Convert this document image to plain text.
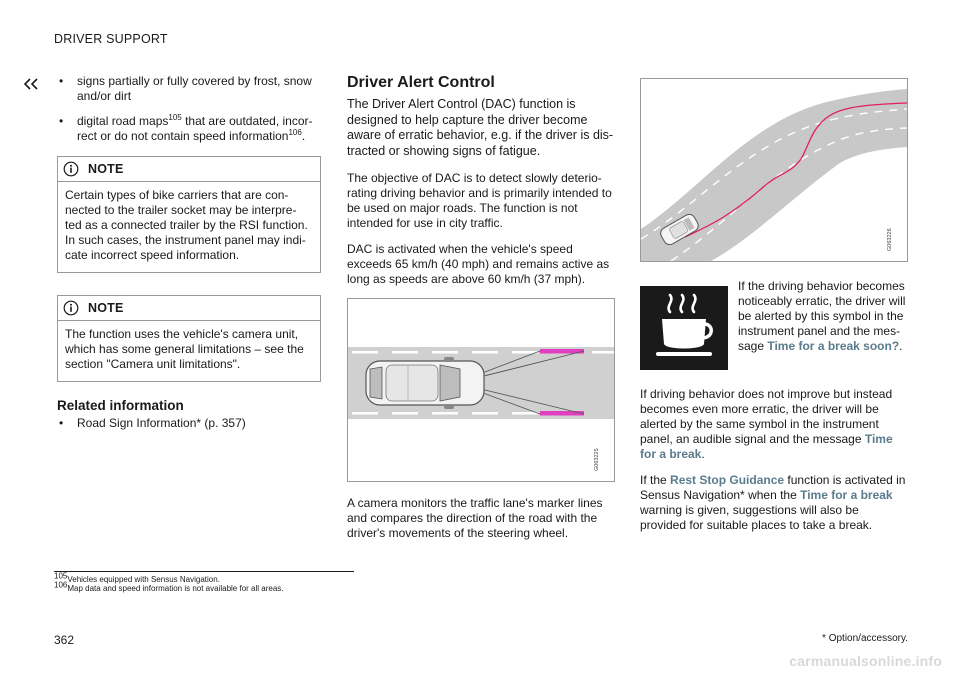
DRIVER SUPPORT
• signs partially or fully covered by frost, snow and/or dirt
• digital road maps$^{105}$ that are outdated, incor- rect or do not contain speed information$^{106}$.
NOTE
Certain types of bike carriers that are con- nected to the trailer socket may be interpre- ted as a connected trailer by the RSI function. In such cases, the instrument panel may indi- cate incorrect speed information.
NOTE
The function uses the vehicle's camera unit, which has some general limitations – see the section "Camera unit limitations".
Related information
• Road Sign Information* (p. 357)
Driver Alert Control
The Driver Alert Control (DAC) function is designed to help capture the driver become aware of erratic behavior, e.g. if the driver is dis- tracted or showing signs of fatigue.

The objective of DAC is to detect slowly deterio- rating driving behavior and is primarily intended to be used on major roads. The function is not intended for use in city traffic.

DAC is activated when the vehicle's speed exceeds 65 km/h (40 mph) and remains active as long as speeds are above 60 km/h (37 mph).

G063225

A camera monitors the traffic lane's marker lines and compares the direction of the road with the driver's movements of the steering wheel.

G063226
If the driving behavior becomes noticeably erratic, the driver will be alerted by this symbol in the instrument panel and the mes- sage Time for a break soon?.

If driving behavior does not improve but instead becomes even more erratic, the driver will be alerted by the same symbol in the instrument panel, an audible signal and the message Time for a break.

If the Rest Stop Guidance function is activated in Sensus Navigation* when the Time for a break warning is given, suggestions will also be provided for suitable places to take a break.

$^{105}$Vehicles equipped with Sensus Navigation.
$^{106}$Map data and speed information is not available for all areas.
362	* Option/accessory.
carmanualsonline.info
